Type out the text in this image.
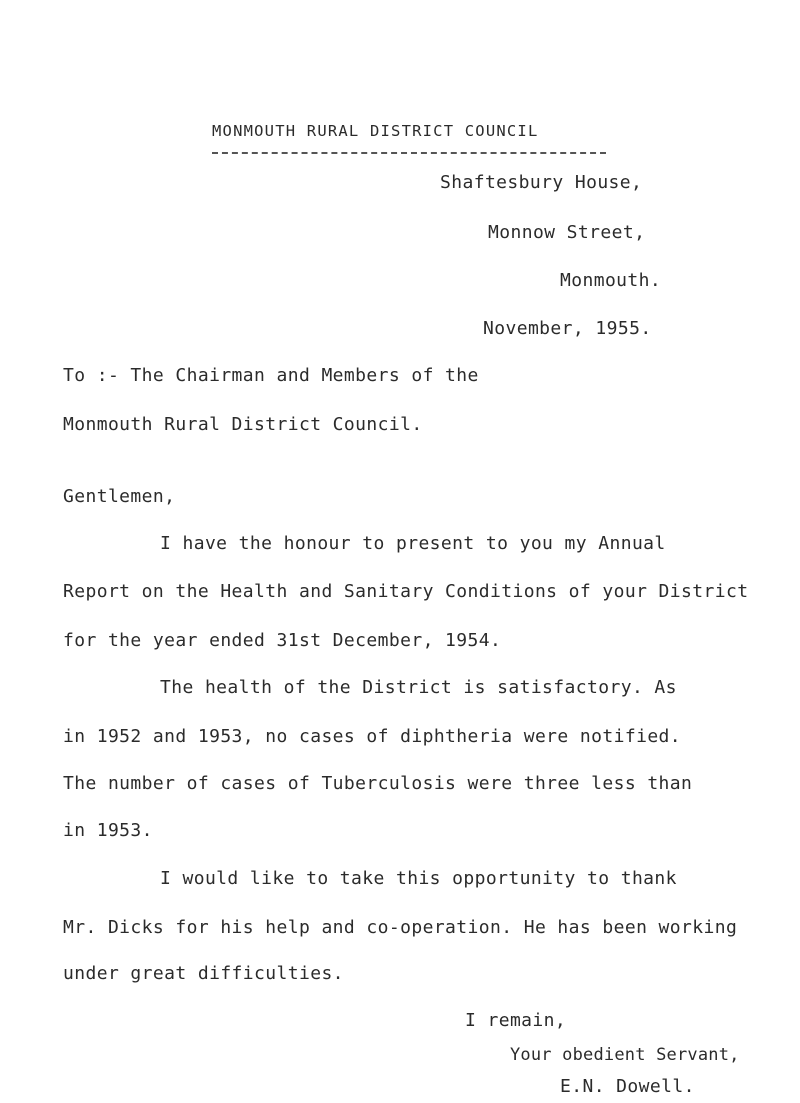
MONMOUTH RURAL DISTRICT COUNCIL
Shaftesbury House,
Monnow Street,
Monmouth.
November, 1955.
To :- The Chairman and Members of the
Monmouth Rural District Council.
Gentlemen,
I have the honour to present to you my Annual
Report on the Health and Sanitary Conditions of your District
for the year ended 31st December, 1954.
The health of the District is satisfactory. As
in 1952 and 1953, no cases of diphtheria were notified.
The number of cases of Tuberculosis were three less than
in 1953.
I would like to take this opportunity to thank
Mr. Dicks for his help and co-operation. He has been working
under great difficulties.
I remain,
Your obedient Servant,
E.N. Dowell.
